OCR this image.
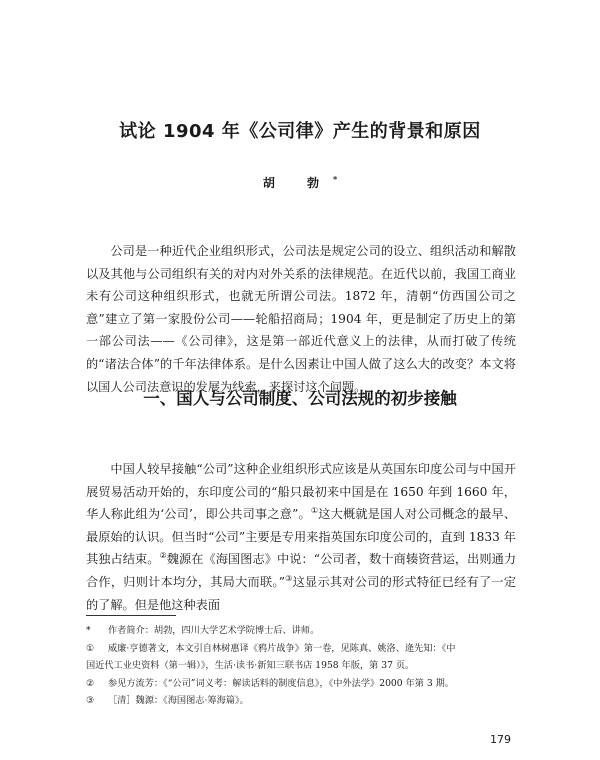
试论 1904 年《公司律》产生的背景和原因
胡 勃*

公司是一种近代企业组织形式，公司法是规定公司的设立、组织活动和解散以及其他与公司组织有关的对内对外关系的法律规范。在近代以前，我国工商业未有公司这种组织形式，也就无所谓公司法。1872 年，清朝“仿西国公司之意”建立了第一家股份公司——轮船招商局；1904 年，更是制定了历史上的第一部公司法——《公司律》，这是第一部近代意义上的法律，从而打破了传统的“诸法合体”的千年法律体系。是什么因素让中国人做了这么大的改变？本文将以国人公司法意识的发展为线索，来探讨这个问题。

一、国人与公司制度、公司法规的初步接触

中国人较早接触“公司”这种企业组织形式应该是从英国东印度公司与中国开展贸易活动开始的，东印度公司的“船只最初来中国是在 1650 年到 1660 年，华人称此组为‘公司’，即公共司事之意”。①这大概就是国人对公司概念的最早、最原始的认识。但当时“公司”主要是专用来指英国东印度公司的，直到 1833 年其独占结束。②魏源在《海国图志》中说：“公司者，数十商辏资营运，出则通力合作，归则计本均分，其局大而联。”③这显示其对公司的形式特征已经有了一定的了解。但是他这种表面

* 作者简介：胡勃，四川大学艺术学院博士后、讲师。

① 威廉·亨德著文，本文引自林树惠译《鸦片战争》第一卷，见陈真、姚洛、逄先知：《中

国近代工业史资料（第一辑）》，生活·读书·新知三联书店 1958 年版，第 37 页。

② 参见方流芳：《“公司”词义考：解读话料的制度信息》，《中外法学》2000 年第 3 期。

③ ［清］魏源：《海国图志·筹海篇》。

179
